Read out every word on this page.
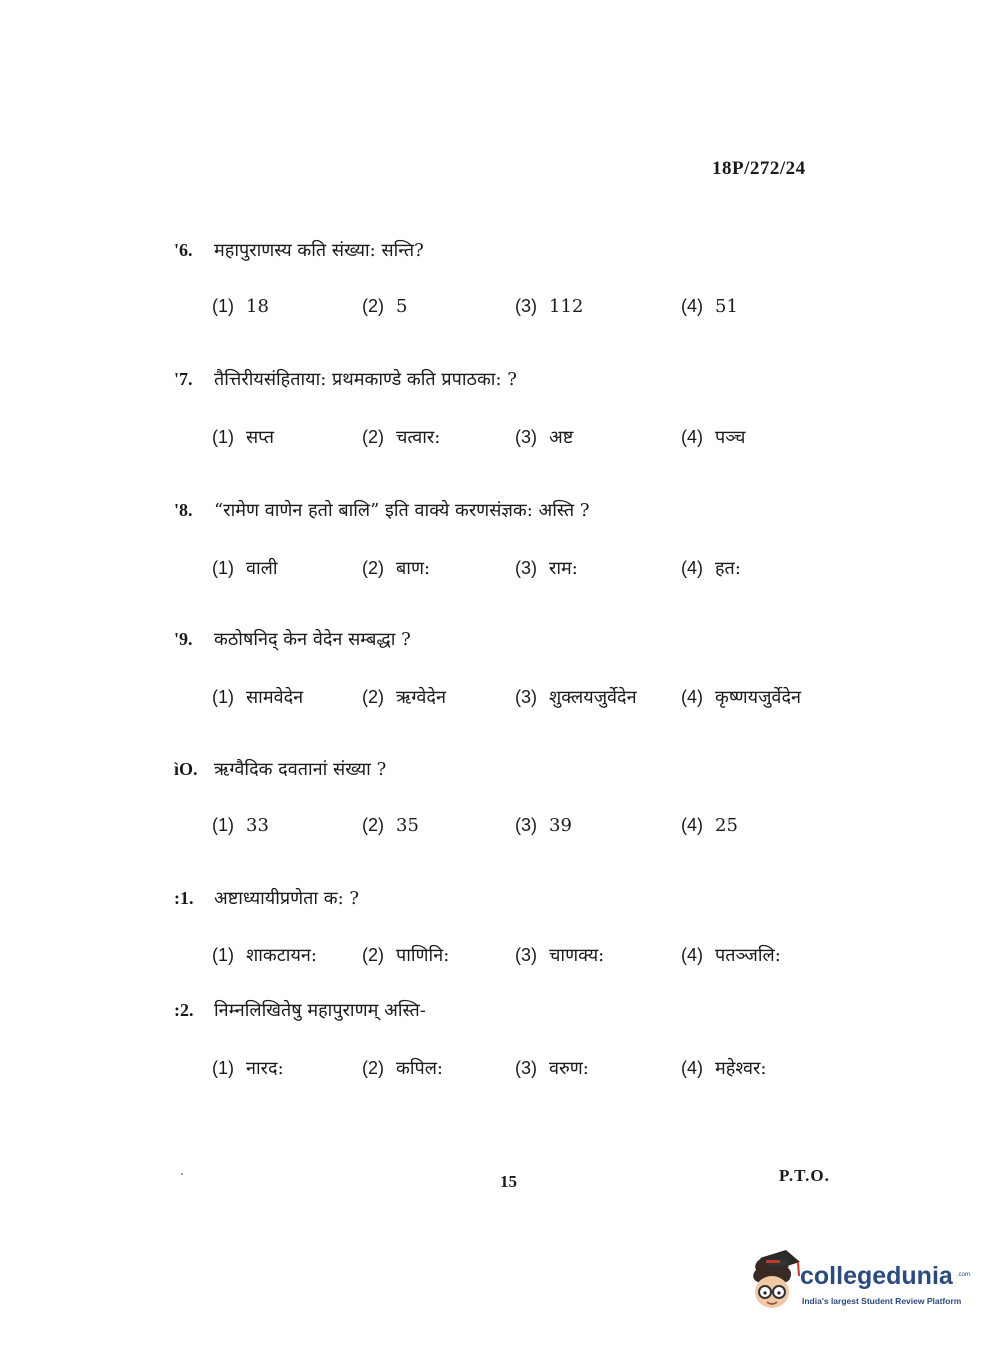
18P/272/24
'6.	महापुराणस्य कति संख्या: सन्ति?
(1) 18	(2) 5	(3) 112	(4) 51
'7.	तैत्तिरीयसंहिताया: प्रथमकाण्डे कति प्रपाठका: ?
(1) सप्त	(2) चत्वार:	(3) अष्ट	(4) पञ्च
'8.	“रामेण वाणेन हतो बालि” इति वाक्ये करणसंज्ञक: अस्ति ?
(1) वाली	(2) बाण:	(3) राम:	(4) हत:
'9.	कठोषनिद् केन वेदेन सम्बद्धा ?
(1) सामवेदेन	(2) ऋग्वेदेन	(3) शुक्लयजुर्वेदेन (4) कृष्णयजुर्वेदेन
ìO. ऋग्वैदिक दवतानां संख्या ?
(1) 33	(2) 35	(3) 39	(4) 25
:1.	अष्टाध्यायीप्रणेता क: ?
(1) शाकटायन:	(2) पाणिनि:	(3) चाणक्य:	(4) पतञ्जलि:
:2.	निम्नलिखितेषु महापुराणम् अस्ति-
(1) नारद:	(2) कपिल:	(3) वरुण:	(4) महेश्वर:
15	P.T.O.
collegedunia .com
India's largest Student Review Platform
